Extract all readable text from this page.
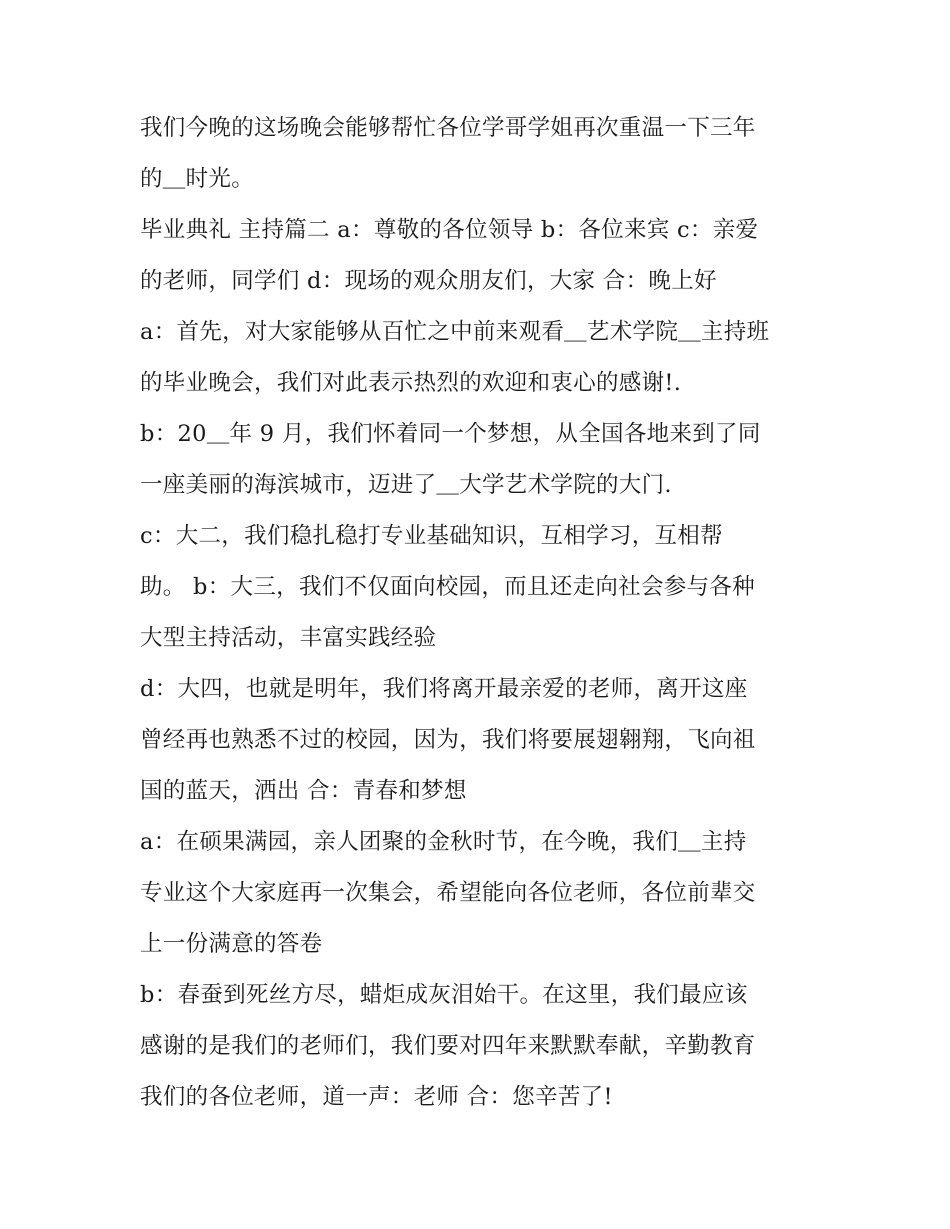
我们今晚的这场晚会能够帮忙各位学哥学姐再次重温一下三年
的＿时光。
毕业典礼 主持篇二 a：尊敬的各位领导 b：各位来宾 c：亲爱
的老师，同学们 d：现场的观众朋友们，大家 合：晚上好
a：首先，对大家能够从百忙之中前来观看＿艺术学院＿主持班
的毕业晚会，我们对此表示热烈的欢迎和衷心的感谢!.
b：20＿年 9 月，我们怀着同一个梦想，从全国各地来到了同
一座美丽的海滨城市，迈进了＿大学艺术学院的大门.
c：大二，我们稳扎稳打专业基础知识，互相学习，互相帮
助。 b：大三，我们不仅面向校园，而且还走向社会参与各种
大型主持活动，丰富实践经验
d：大四，也就是明年，我们将离开最亲爱的老师，离开这座
曾经再也熟悉不过的校园，因为，我们将要展翅翱翔，飞向祖
国的蓝天，洒出 合：青春和梦想
a：在硕果满园，亲人团聚的金秋时节，在今晚，我们＿主持
专业这个大家庭再一次集会，希望能向各位老师，各位前辈交
上一份满意的答卷
b：春蚕到死丝方尽，蜡炬成灰泪始干。在这里，我们最应该
感谢的是我们的老师们，我们要对四年来默默奉献，辛勤教育
我们的各位老师，道一声：老师 合：您辛苦了!
